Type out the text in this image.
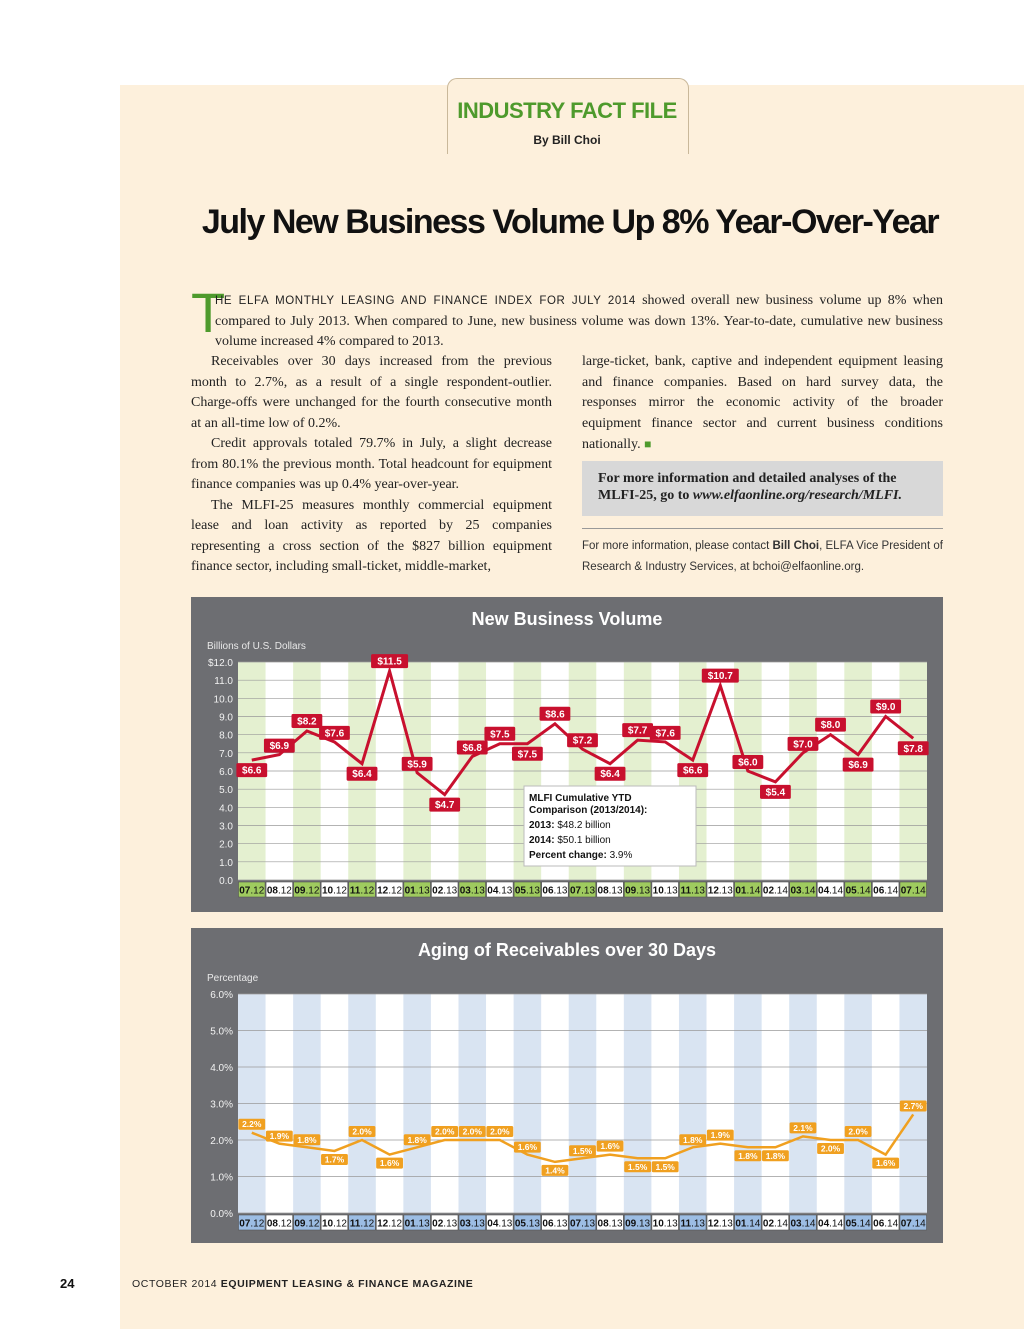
INDUSTRY FACT FILE
By Bill Choi
July New Business Volume Up 8% Year-Over-Year
T
HE ELFA MONTHLY LEASING AND FINANCE INDEX FOR JULY 2014 showed overall new business volume up 8% when compared to July 2013. When compared to June, new business volume was down 13%. Year-to-date, cumulative new business volume increased 4% compared to 2013.

Receivables over 30 days increased from the previous month to 2.7%, as a result of a single respondent-outlier. Charge-offs were unchanged for the fourth consecutive month at an all-time low of 0.2%.

Credit approvals totaled 79.7% in July, a slight decrease from 80.1% the previous month. Total headcount for equipment finance companies was up 0.4% year-over-year.

The MLFI-25 measures monthly commercial equipment lease and loan activity as reported by 25 companies representing a cross section of the $827 billion equipment finance sector, including small-ticket, middle-market,

large-ticket, bank, captive and independent equipment leasing and finance companies. Based on hard survey data, the responses mirror the economic activity of the broader equipment finance sector and current business conditions nationally. ■
For more information and detailed analyses of the MLFI-25, go to www.elfaonline.org/research/MLFI.
For more information, please contact Bill Choi, ELFA Vice President of Research & Industry Services, at bchoi@elfaonline.org.
New Business Volume
Billions of U.S. Dollars
0.0
1.0
2.0
3.0
4.0
5.0
6.0
7.0
8.0
9.0
10.0
11.0
$12.0
07.12 08.12 09.12 10.12 11.12 12.12 01.13 02.13 03.13 04.13 05.13 06.13 07.13 08.13 09.13 10.13 11.13 12.13 01.14 02.14 03.14 04.14 05.14 06.14 07.14
$6.6
$6.9
$8.2
$7.6
$6.4
$11.5
$5.9
$4.7
$6.8
$7.5
$7.5
$8.6
$7.2
$6.4
$7.7 $7.6
$6.6
$10.7
$6.0
$5.4
$7.0
$8.0
$6.9
$9.0
$7.8
MLFI Cumulative YTD
Comparison (2013/2014):
2013: $48.2 billion
2014: $50.1 billion
Percent change: 3.9%
Aging of Receivables over 30 Days
Percentage
0.0%
1.0%
2.0%
3.0%
4.0%
5.0%
6.0%
07.12 08.12 09.12 10.12 11.12 12.12 01.13 02.13 03.13 04.13 05.13 06.13 07.13 08.13 09.13 10.13 11.13 12.13 01.14 02.14 03.14 04.14 05.14 06.14 07.14
2.2%
1.9% 1.8%
1.7%
2.0%
1.6%
1.8%
2.0% 2.0% 2.0%
1.6%
1.4%
1.5% 1.6%
1.5% 1.5%
1.8% 1.9%
1.8% 1.8%
2.1%
2.0%
2.0%
1.6%
2.7%
24	OCTOBER 2014 EQUIPMENT LEASING & FINANCE MAGAZINE
